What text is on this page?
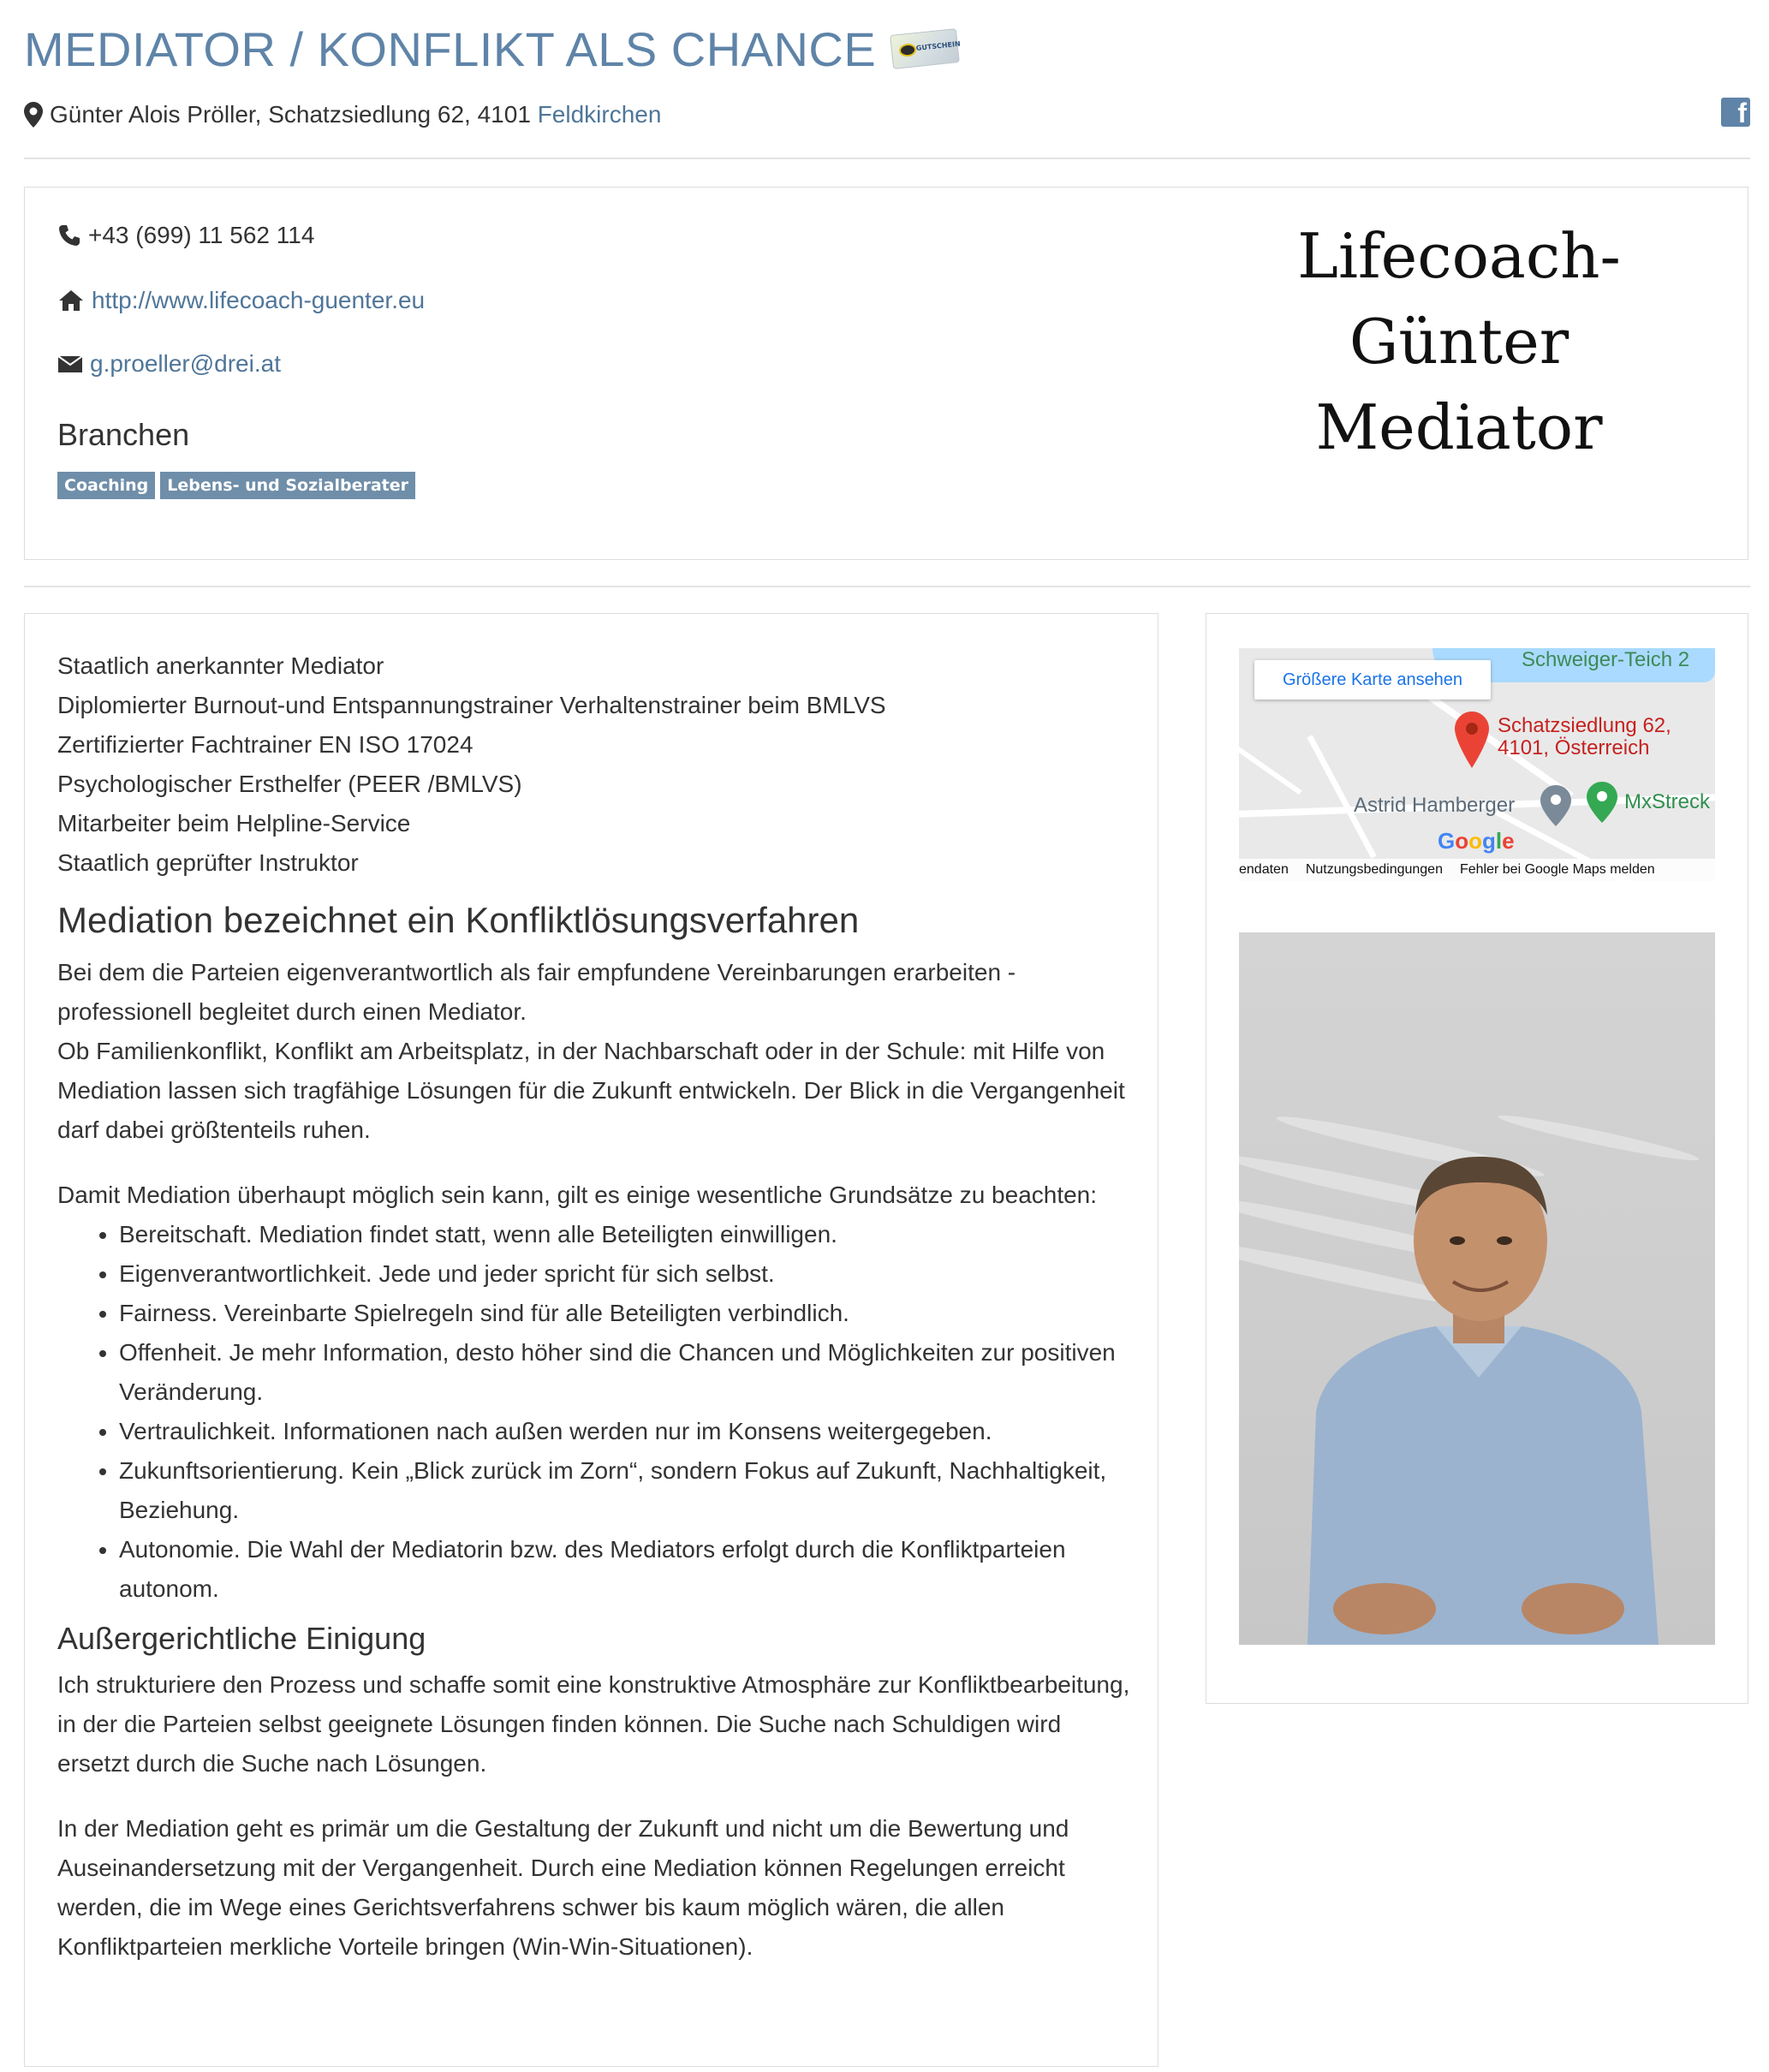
MEDIATOR / KONFLIKT ALS CHANCE	GUTSCHEIN
Günter Alois Pröller, Schatzsiedlung 62, 4101
Feldkirchen	f
+43 (699) 11 562 114
http://www.lifecoach-guenter.eu
g.proeller@drei.at
Branchen
Coaching	Lebens- und Sozialberater
Lifecoach-Günter
Mediator
Staatlich anerkannter Mediator
Diplomierter Burnout-und Entspannungstrainer Verhaltenstrainer beim BMLVS
Zertifizierter Fachtrainer EN ISO 17024
Psychologischer Ersthelfer (PEER /BMLVS)
Mitarbeiter beim Helpline-Service
Staatlich geprüfter Instruktor
Mediation bezeichnet ein Konfliktlösungsverfahren

Bei dem die Parteien eigenverantwortlich als fair empfundene Vereinbarungen erarbeiten - professionell begleitet durch einen Mediator.
Ob Familienkonflikt, Konflikt am Arbeitsplatz, in der Nachbarschaft oder in der Schule: mit Hilfe von Mediation lassen sich tragfähige Lösungen für die Zukunft entwickeln. Der Blick in die Vergangenheit darf dabei größtenteils ruhen.

Damit Mediation überhaupt möglich sein kann, gilt es einige wesentliche Grundsätze zu beachten:
• Bereitschaft. Mediation findet statt, wenn alle Beteiligten einwilligen.
• Eigenverantwortlichkeit. Jede und jeder spricht für sich selbst.
• Fairness. Vereinbarte Spielregeln sind für alle Beteiligten verbindlich.
• Offenheit. Je mehr Information, desto höher sind die Chancen und Möglichkeiten zur positiven Veränderung.
• Vertraulichkeit. Informationen nach außen werden nur im Konsens weitergegeben.
• Zukunftsorientierung. Kein „Blick zurück im Zorn“, sondern Fokus auf Zukunft, Nachhaltigkeit, Beziehung.
• Autonomie. Die Wahl der Mediatorin bzw. des Mediators erfolgt durch die Konfliktparteien autonom.
Außergerichtliche Einigung

Ich strukturiere den Prozess und schaffe somit eine konstruktive Atmosphäre zur Konfliktbearbeitung, in der die Parteien selbst geeignete Lösungen finden können. Die Suche nach Schuldigen wird ersetzt durch die Suche nach Lösungen.

In der Mediation geht es primär um die Gestaltung der Zukunft und nicht um die Bewertung und Auseinandersetzung mit der Vergangenheit. Durch eine Mediation können Regelungen erreicht werden, die im Wege eines Gerichtsverfahrens schwer bis kaum möglich wären, die allen Konfliktparteien merkliche Vorteile bringen (Win-Win-Situationen).

Größere Karte ansehen
Schweiger-Teich 2
Schatzsiedlung 62,
4101, Österreich
Astrid Hamberger	MxStreck
Google
endaten Nutzungsbedingungen Fehler bei Google Maps melden
